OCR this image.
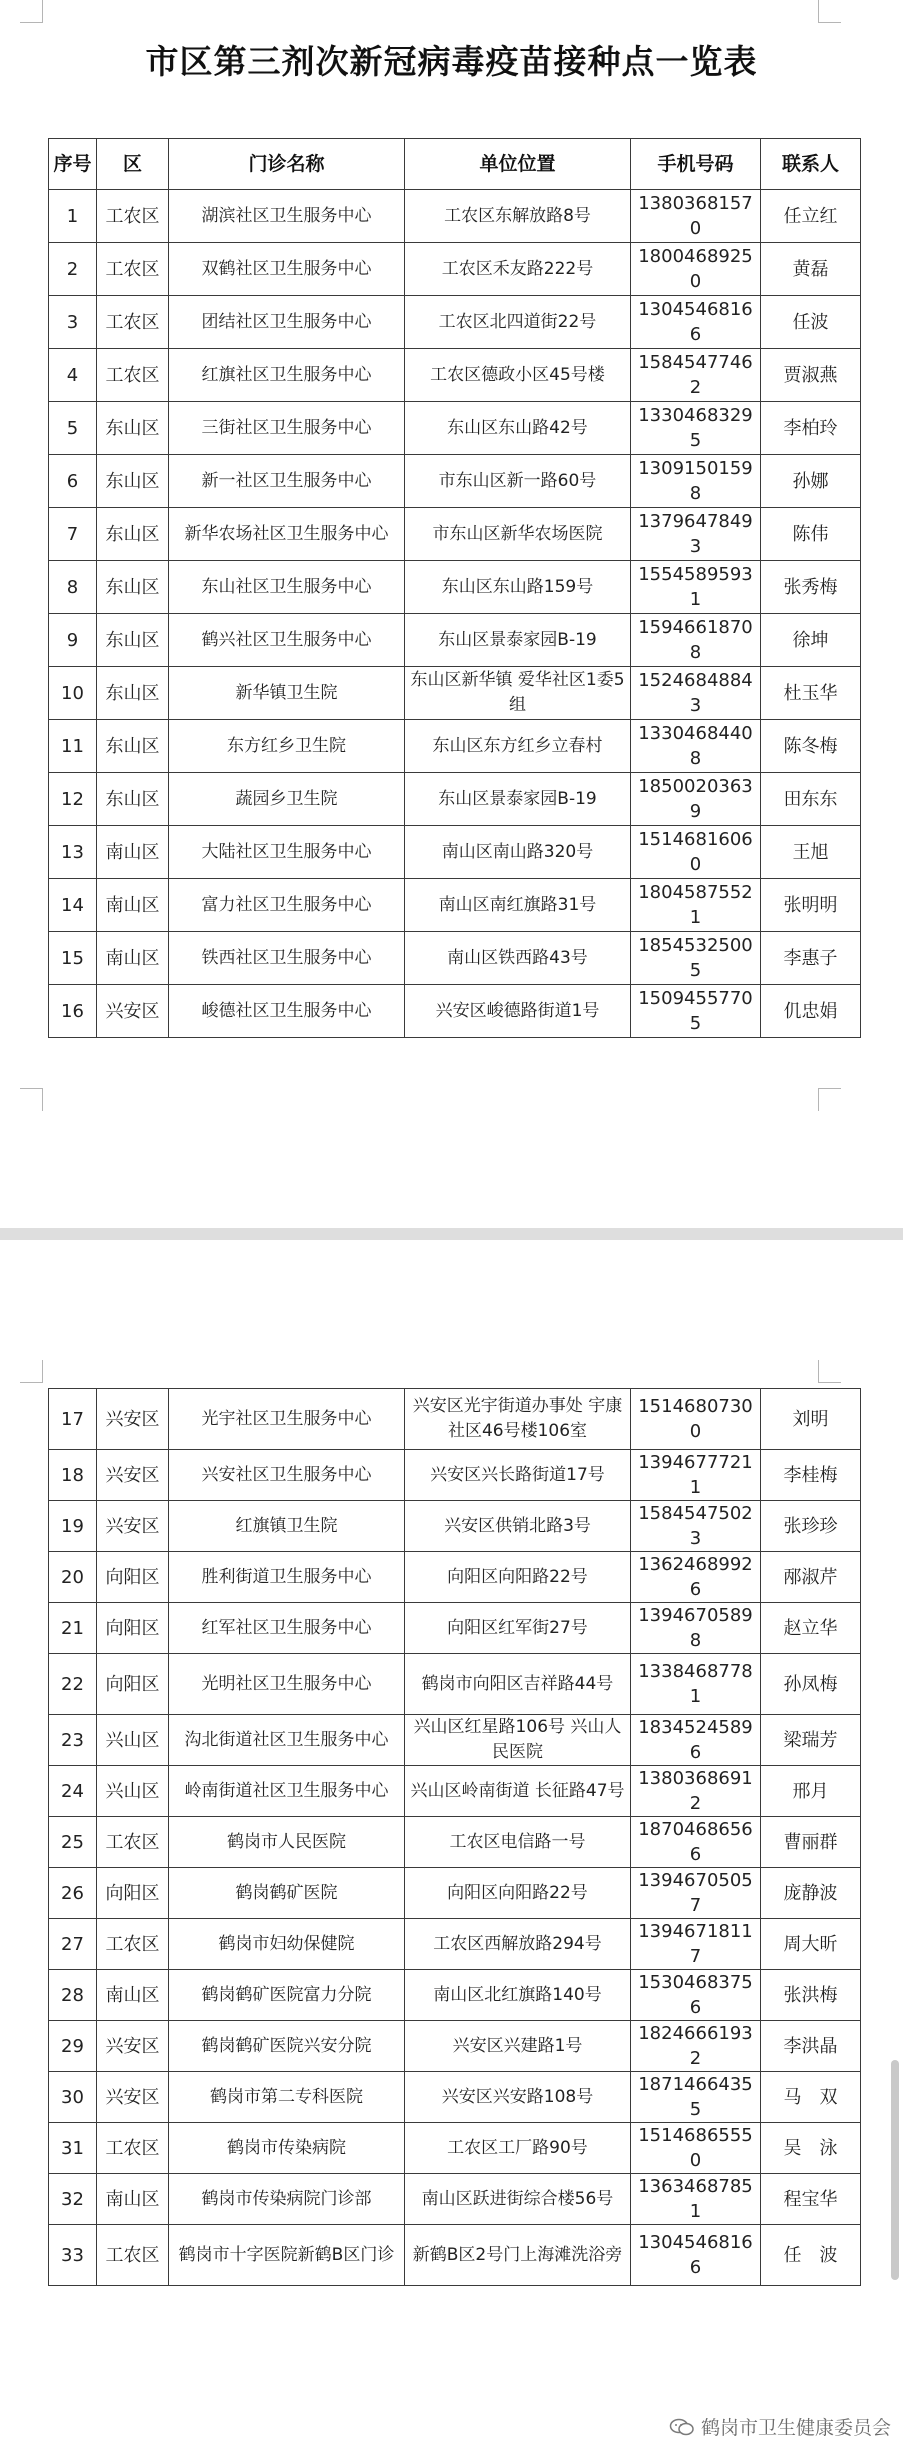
市区第三剂次新冠病毒疫苗接种点一览表
序号	区	门诊名称	单位位置	手机号码	联系人
1	工农区	湖滨社区卫生服务中心	工农区东解放路8号	13803681570	任立红
2	工农区	双鹤社区卫生服务中心	工农区禾友路222号	18004689250	黄磊
3	工农区	团结社区卫生服务中心	工农区北四道街22号	13045468166	任波
4	工农区	红旗社区卫生服务中心	工农区德政小区45号楼	15845477462	贾淑燕
5	东山区	三街社区卫生服务中心	东山区东山路42号	13304683295	李柏玲
6	东山区	新一社区卫生服务中心	市东山区新一路60号	13091501598	孙娜
7	东山区	新华农场社区卫生服务中心	市东山区新华农场医院	13796478493	陈伟
8	东山区	东山社区卫生服务中心	东山区东山路159号	15545895931	张秀梅
9	东山区	鹤兴社区卫生服务中心	东山区景泰家园B-19	15946618708	徐坤
10	东山区	新华镇卫生院	东山区新华镇 爱华社区1委5组	15246848843	杜玉华
11	东山区	东方红乡卫生院	东山区东方红乡立春村	13304684408	陈冬梅
12	东山区	蔬园乡卫生院	东山区景泰家园B-19	18500203639	田东东
13	南山区	大陆社区卫生服务中心	南山区南山路320号	15146816060	王旭
14	南山区	富力社区卫生服务中心	南山区南红旗路31号	18045875521	张明明
15	南山区	铁西社区卫生服务中心	南山区铁西路43号	18545325005	李惠子
16	兴安区	峻德社区卫生服务中心	兴安区峻德路街道1号	15094557705	仉忠娟
17	兴安区	光宇社区卫生服务中心	兴安区光宇街道办事处 宇康社区46号楼106室	15146807300	刘明
18	兴安区	兴安社区卫生服务中心	兴安区兴长路街道17号	13946777211	李桂梅
19	兴安区	红旗镇卫生院	兴安区供销北路3号	15845475023	张珍珍
20	向阳区	胜利街道卫生服务中心	向阳区向阳路22号	13624689926	邴淑芹
21	向阳区	红军社区卫生服务中心	向阳区红军街27号	13946705898	赵立华
22	向阳区	光明社区卫生服务中心	鹤岗市向阳区吉祥路44号	13384687781	孙凤梅
23	兴山区	沟北街道社区卫生服务中心	兴山区红星路106号 兴山人民医院	18345245896	梁瑞芳
24	兴山区	岭南街道社区卫生服务中心	兴山区岭南街道 长征路47号	13803686912	邢月
25	工农区	鹤岗市人民医院	工农区电信路一号	18704686566	曹丽群
26	向阳区	鹤岗鹤矿医院	向阳区向阳路22号	13946705057	庞静波
27	工农区	鹤岗市妇幼保健院	工农区西解放路294号	13946718117	周大昕
28	南山区	鹤岗鹤矿医院富力分院	南山区北红旗路140号	15304683756	张洪梅
29	兴安区	鹤岗鹤矿医院兴安分院	兴安区兴建路1号	18246661932	李洪晶
30	兴安区	鹤岗市第二专科医院	兴安区兴安路108号	18714664355	马　双
31	工农区	鹤岗市传染病院	工农区工厂路90号	15146865550	吴　泳
32	南山区	鹤岗市传染病院门诊部	南山区跃进街综合楼56号	13634687851	程宝华
33	工农区	鹤岗市十字医院新鹤B区门诊	新鹤B区2号门上海滩洗浴旁	13045468166	任　波
鹤岗市卫生健康委员会
